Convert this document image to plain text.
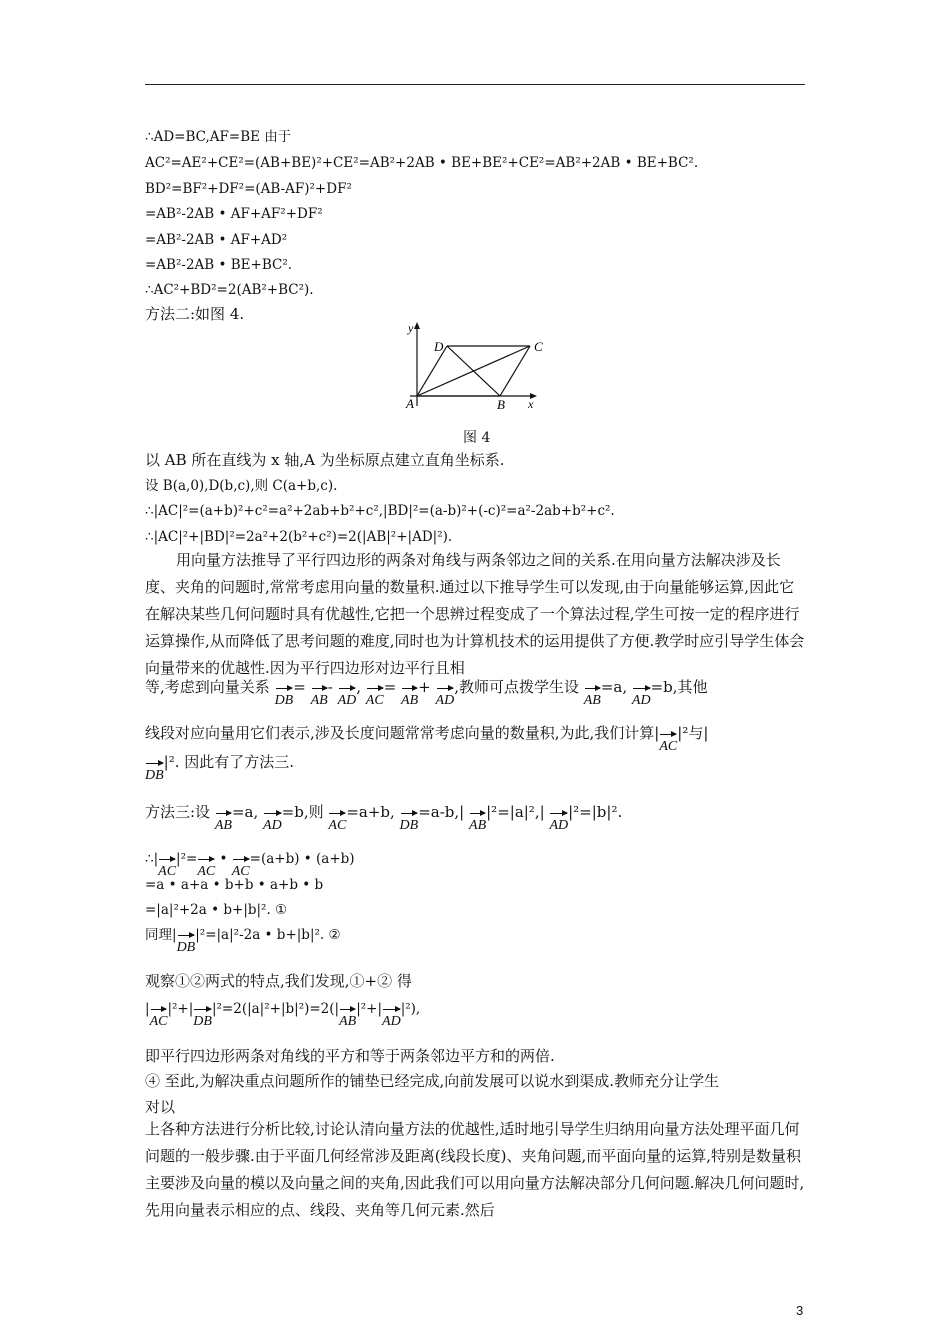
∴AD=BC,AF=BE 由于
AC²=AE²+CE²=(AB+BE)²+CE²=AB²+2AB • BE+BE²+CE²=AB²+2AB • BE+BC².
BD²=BF²+DF²=(AB-AF)²+DF²
=AB²-2AB • AF+AF²+DF²
=AB²-2AB • AF+AD²
=AB²-2AB • BE+BC².
∴AC²+BD²=2(AB²+BC²).
方法二:如图 4.
y
x
A	B
C
D
图 4
以 AB 所在直线为 x 轴,A 为坐标原点建立直角坐标系.
设 B(a,0),D(b,c),则 C(a+b,c).
∴|AC|²=(a+b)²+c²=a²+2ab+b²+c²,|BD|²=(a-b)²+(-c)²=a²-2ab+b²+c².
∴|AC|²+|BD|²=2a²+2(b²+c²)=2(|AB|²+|AD|²).
用向量方法推导了平行四边形的两条对角线与两条邻边之间的关系.在用向量方法解决涉及长度、夹角的问题时,常常考虑用向量的数量积.通过以下推导学生可以发现,由于向量能够运算,因此它在解决某些几何问题时具有优越性,它把一个思辨过程变成了一个算法过程,学生可按一定的程序进行运算操作,从而降低了思考问题的难度,同时也为计算机技术的运用提供了方便.教学时应引导学生体会向量带来的优越性.因为平行四边形对边平行且相
等,考虑到向量关系 DB= AB- AD, AC= AB+ AD,教师可点拨学生设 AB=a, AD=b,其他
线段对应向量用它们表示,涉及长度问题常常考虑向量的数量积,为此,我们计算|AC|²与|
DB|². 因此有了方法三.
方法三:设 AB=a, AD=b,则 AC=a+b, DB=a-b,| AB|²=|a|²,| AD|²=|b|².
∴|AC|²=AC • AC=(a+b) • (a+b)
=a • a+a • b+b • a+b • b
=|a|²+2a • b+|b|². ①
同理|DB|²=|a|²-2a • b+|b|². ②
观察①②两式的特点,我们发现,①+② 得
|AC|²+|DB|²=2(|a|²+|b|²)=2(|AB|²+|AD|²),
即平行四边形两条对角线的平方和等于两条邻边平方和的两倍.
④ 至此,为解决重点问题所作的铺垫已经完成,向前发展可以说水到渠成.教师充分让学生
对以
上各种方法进行分析比较,讨论认清向量方法的优越性,适时地引导学生归纳用向量方法处理平面几何问题的一般步骤.由于平面几何经常涉及距离(线段长度)、夹角问题,而平面向量的运算,特别是数量积主要涉及向量的模以及向量之间的夹角,因此我们可以用向量方法解决部分几何问题.解决几何问题时,先用向量表示相应的点、线段、夹角等几何元素.然后
3
